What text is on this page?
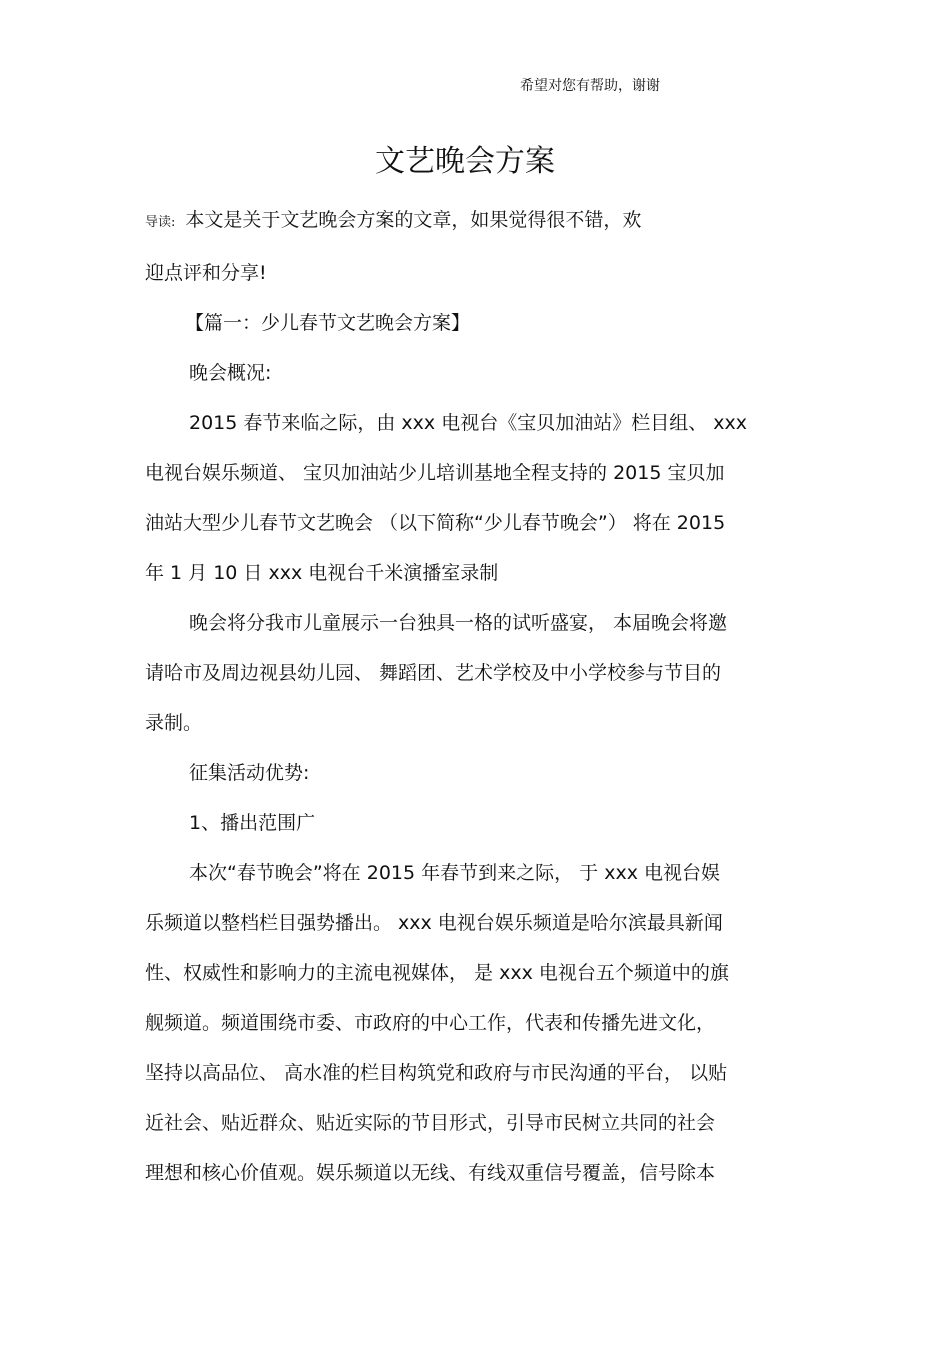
希望对您有帮助，谢谢
文艺晚会方案

导读: 本文是关于文艺晚会方案的文章，如果觉得很不错，欢
迎点评和分享!

【篇一：少儿春节文艺晚会方案】

晚会概况:

2015 春节来临之际，由 xxx 电视台《宝贝加油站》栏目组、 xxx
电视台娱乐频道、 宝贝加油站少儿培训基地全程支持的 2015 宝贝加
油站大型少儿春节文艺晚会 （以下简称“少儿春节晚会”） 将在 2015
年 1 月 10 日 xxx 电视台千米演播室录制

晚会将分我市儿童展示一台独具一格的试听盛宴， 本届晚会将邀
请哈市及周边视县幼儿园、 舞蹈团、艺术学校及中小学校参与节目的
录制。

征集活动优势:

1、播出范围广

本次“春节晚会”将在 2015 年春节到来之际， 于 xxx 电视台娱
乐频道以整档栏目强势播出。 xxx 电视台娱乐频道是哈尔滨最具新闻
性、权威性和影响力的主流电视媒体， 是 xxx 电视台五个频道中的旗
舰频道。频道围绕市委、市政府的中心工作，代表和传播先进文化，
坚持以高品位、 高水准的栏目构筑党和政府与市民沟通的平台， 以贴
近社会、贴近群众、贴近实际的节目形式，引导市民树立共同的社会
理想和核心价值观。娱乐频道以无线、有线双重信号覆盖，信号除本
